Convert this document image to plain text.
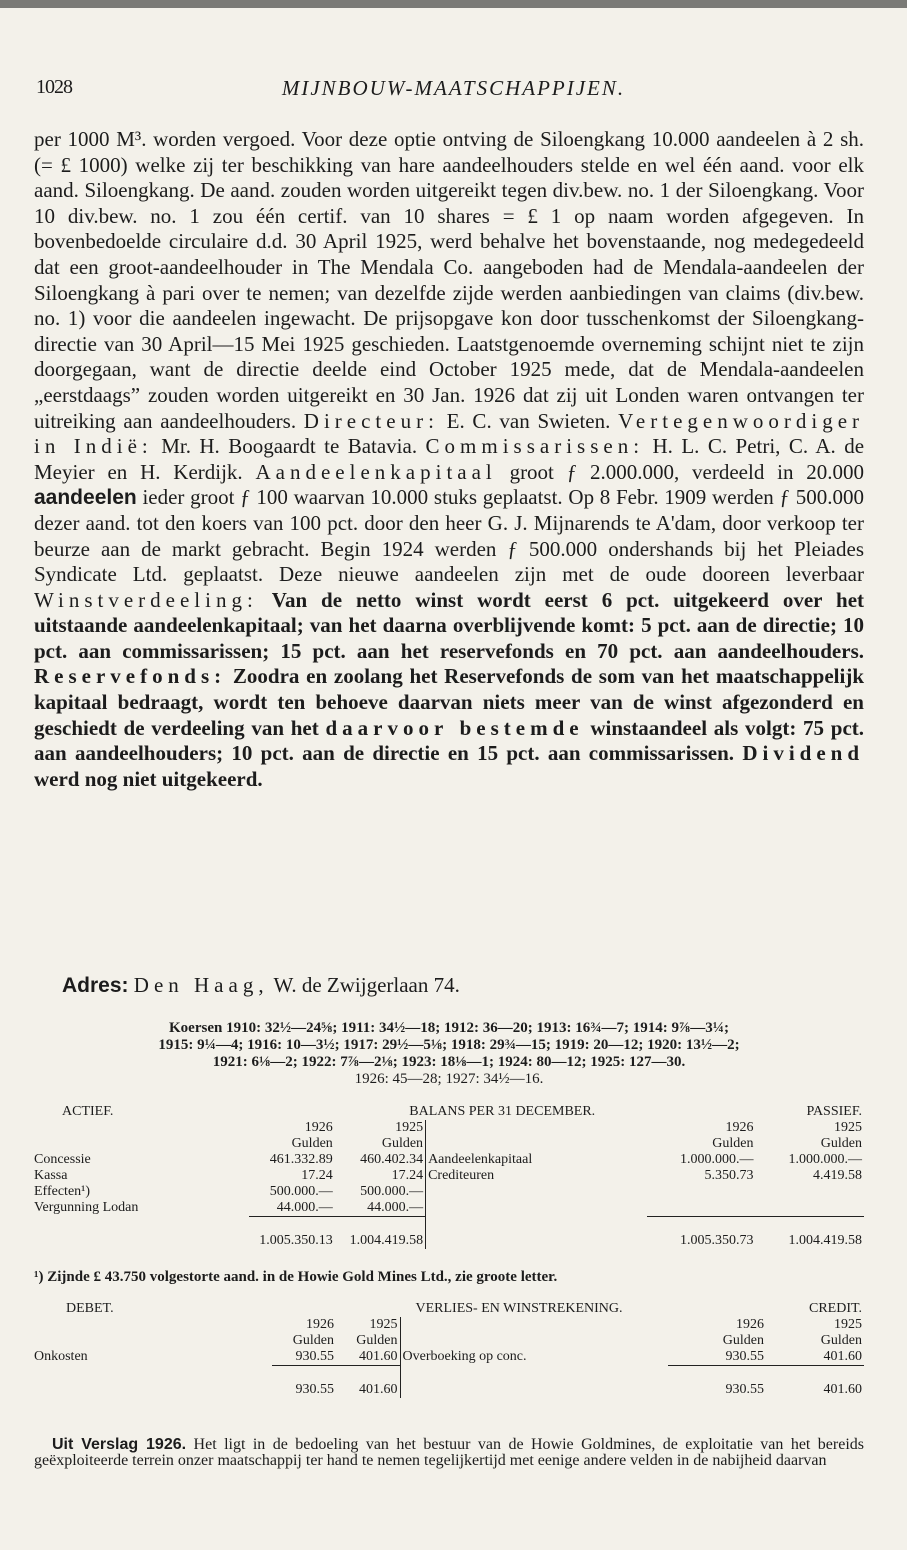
1028	MIJNBOUW-MAATSCHAPPIJEN.

per 1000 M³. worden vergoed. Voor deze optie ontving de Siloengkang 10.000 aandeelen à 2 sh. (= £ 1000) welke zij ter beschikking van hare aandeelhouders stelde en wel één aand. voor elk aand. Siloengkang. De aand. zouden worden uitgereikt tegen div.bew. no. 1 der Siloengkang. Voor 10 div.bew. no. 1 zou één certif. van 10 shares = £ 1 op naam worden afgegeven. In bovenbedoelde circulaire d.d. 30 April 1925, werd behalve het bovenstaande, nog medegedeeld dat een groot-aandeelhouder in The Mendala Co. aangeboden had de Mendala-aandeelen der Siloengkang à pari over te nemen; van dezelfde zijde werden aanbiedingen van claims (div.bew. no. 1) voor die aandeelen ingewacht. De prijsopgave kon door tusschenkomst der Siloengkang-directie van 30 April—15 Mei 1925 geschieden. Laatstgenoemde overneming schijnt niet te zijn doorgegaan, want de directie deelde eind October 1925 mede, dat de Mendala-aandeelen „eerstdaags” zouden worden uitgereikt en 30 Jan. 1926 dat zij uit Londen waren ontvangen ter uitreiking aan aandeelhouders. Directeur: E. C. van Swieten. Vertegenwoordiger in Indië: Mr. H. Boogaardt te Batavia. Commissarissen: H. L. C. Petri, C. A. de Meyier en H. Kerdijk. Aandeelenkapitaal groot ƒ 2.000.000, verdeeld in 20.000 aandeelen ieder groot ƒ 100 waarvan 10.000 stuks geplaatst. Op 8 Febr. 1909 werden ƒ 500.000 dezer aand. tot den koers van 100 pct. door den heer G. J. Mijnarends te A'dam, door verkoop ter beurze aan de markt gebracht. Begin 1924 werden ƒ 500.000 ondershands bij het Pleiades Syndicate Ltd. geplaatst. Deze nieuwe aandeelen zijn met de oude dooreen leverbaar Winstverdeeling: Van de netto winst wordt eerst 6 pct. uitgekeerd over het uitstaande aandeelenkapitaal; van het daarna overblijvende komt: 5 pct. aan de directie; 10 pct. aan commissarissen; 15 pct. aan het reservefonds en 70 pct. aan aandeelhouders. Reservefonds: Zoodra en zoolang het Reservefonds de som van het maatschappelijk kapitaal bedraagt, wordt ten behoeve daarvan niets meer van de winst afgezonderd en geschiedt de verdeeling van het daarvoor bestemde winstaandeel als volgt: 75 pct. aan aandeelhouders; 10 pct. aan de directie en 15 pct. aan commissarissen. Dividend werd nog niet uitgekeerd.

Adres: Den Haag, W. de Zwijgerlaan 74.
Koersen 1910: 32½—24⅝; 1911: 34½—18; 1912: 36—20; 1913: 16¾—7; 1914: 9⅞—3¼;
1915: 9¼—4; 1916: 10—3½; 1917: 29½—5⅛; 1918: 29¾—15; 1919: 20—12; 1920: 13½—2;
1921: 6⅛—2; 1922: 7⅞—2⅛; 1923: 18⅛—1; 1924: 80—12; 1925: 127—30.
1926: 45—28; 1927: 34½—16.
ACTIEF.	BALANS PER 31 DECEMBER.				PASSIEF.
	1926	1925		1926	1925
	Gulden	Gulden		Gulden	Gulden
Concessie	461.332.89	460.402.34	Aandeelenkapitaal	1.000.000.—	1.000.000.—
Kassa	17.24	17.24	Crediteuren	5.350.73	4.419.58
Effecten¹)	500.000.—	500.000.—			
Vergunning Lodan	44.000.—	44.000.—			

	1.005.350.13	1.004.419.58		1.005.350.73	1.004.419.58
¹) Zijnde £ 43.750 volgestorte aand. in de Howie Gold Mines Ltd., zie groote letter.
DEBET.	VERLIES- EN WINSTREKENING.				CREDIT.
	1926	1925		1926	1925
	Gulden	Gulden		Gulden	Gulden
Onkosten	930.55	401.60	Overboeking op conc.	930.55	401.60

	930.55	401.60		930.55	401.60

Uit Verslag 1926. Het ligt in de bedoeling van het bestuur van de Howie Goldmines, de exploitatie van het bereids geëxploiteerde terrein onzer maatschappij ter hand te nemen tegelijkertijd met eenige andere velden in de nabijheid daarvan
